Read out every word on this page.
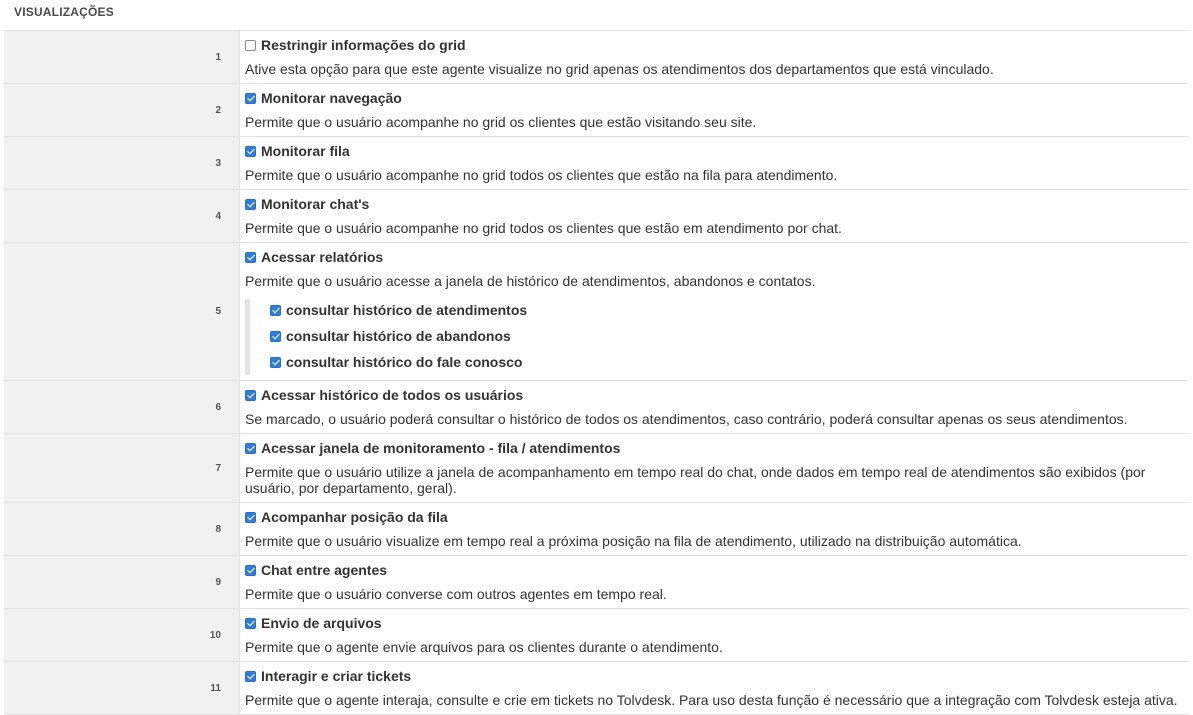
VISUALIZAÇÕES
1
Restringir informações do grid
Ative esta opção para que este agente visualize no grid apenas os atendimentos dos departamentos que está vinculado.
2
Monitorar navegação
Permite que o usuário acompanhe no grid os clientes que estão visitando seu site.
3
Monitorar fila
Permite que o usuário acompanhe no grid todos os clientes que estão na fila para atendimento.
4
Monitorar chat's
Permite que o usuário acompanhe no grid todos os clientes que estão em atendimento por chat.
5
Acessar relatórios
Permite que o usuário acesse a janela de histórico de atendimentos, abandonos e contatos.
consultar histórico de atendimentos
consultar histórico de abandonos
consultar histórico do fale conosco
6
Acessar histórico de todos os usuários
Se marcado, o usuário poderá consultar o histórico de todos os atendimentos, caso contrário, poderá consultar apenas os seus atendimentos.
7
Acessar janela de monitoramento - fila / atendimentos
Permite que o usuário utilize a janela de acompanhamento em tempo real do chat, onde dados em tempo real de atendimentos são exibidos (por usuário, por departamento, geral).
8
Acompanhar posição da fila
Permite que o usuário visualize em tempo real a próxima posição na fila de atendimento, utilizado na distribuição automática.
9
Chat entre agentes
Permite que o usuário converse com outros agentes em tempo real.
10
Envio de arquivos
Permite que o agente envie arquivos para os clientes durante o atendimento.
11
Interagir e criar tickets
Permite que o agente interaja, consulte e crie em tickets no Tolvdesk. Para uso desta função é necessário que a integração com Tolvdesk esteja ativa.
